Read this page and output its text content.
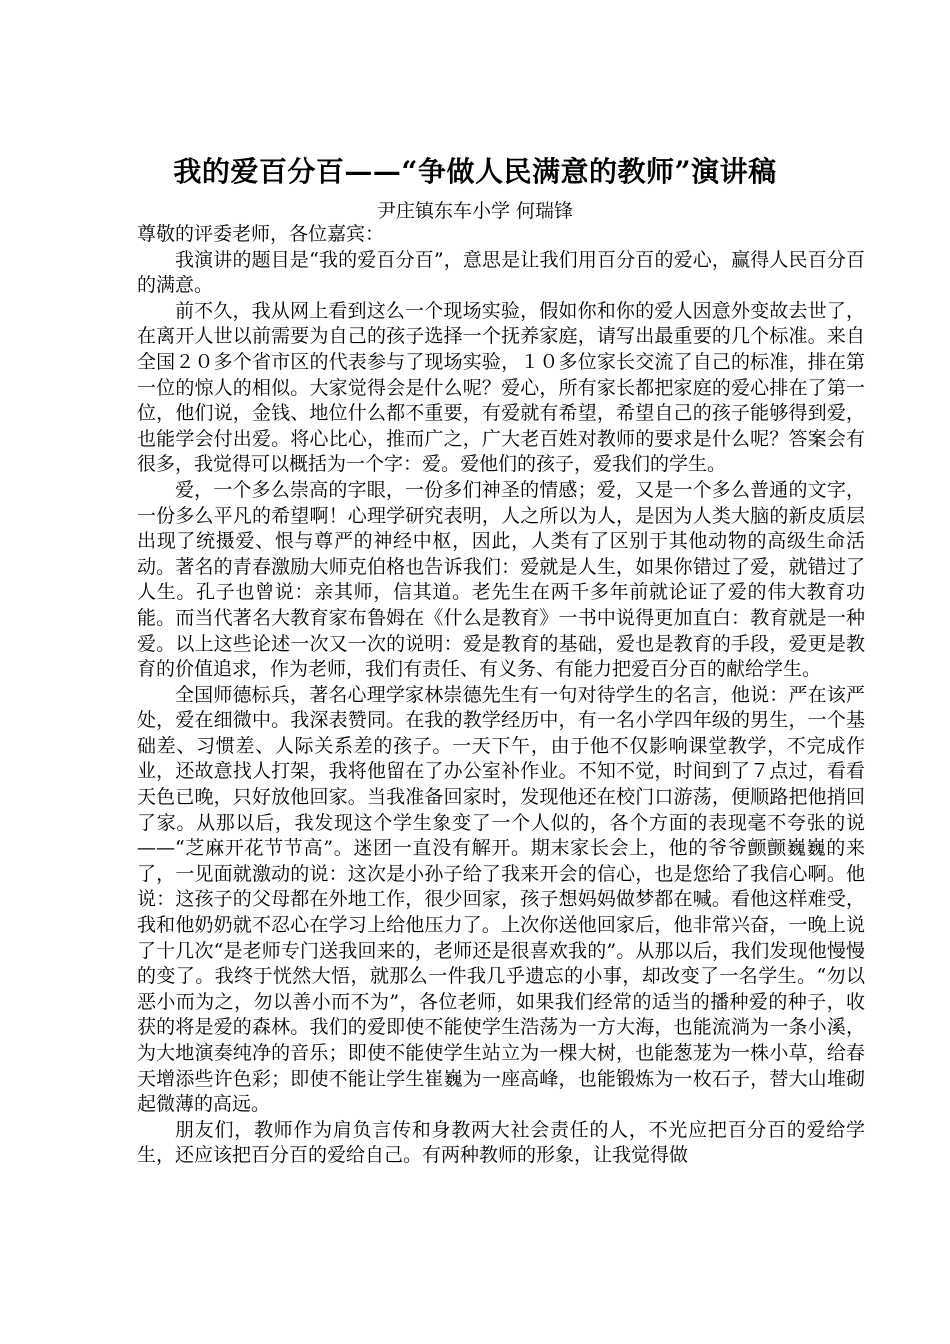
我的爱百分百——“争做人民满意的教师”演讲稿
尹庄镇东车小学 何瑞锋

尊敬的评委老师，各位嘉宾：

我演讲的题目是“我的爱百分百”，意思是让我们用百分百的爱心，赢得人民百分百的满意。

前不久，我从网上看到这么一个现场实验，假如你和你的爱人因意外变故去世了，在离开人世以前需要为自己的孩子选择一个抚养家庭，请写出最重要的几个标准。来自全国２０多个省市区的代表参与了现场实验，１０多位家长交流了自己的标准，排在第一位的惊人的相似。大家觉得会是什么呢？爱心，所有家长都把家庭的爱心排在了第一位，他们说，金钱、地位什么都不重要，有爱就有希望，希望自己的孩子能够得到爱，也能学会付出爱。将心比心，推而广之，广大老百姓对教师的要求是什么呢？答案会有很多，我觉得可以概括为一个字：爱。爱他们的孩子，爱我们的学生。

爱，一个多么崇高的字眼，一份多们神圣的情感；爱，又是一个多么普通的文字，一份多么平凡的希望啊！心理学研究表明，人之所以为人，是因为人类大脑的新皮质层出现了统摄爱、恨与尊严的神经中枢，因此，人类有了区别于其他动物的高级生命活动。著名的青春激励大师克伯格也告诉我们：爱就是人生，如果你错过了爱，就错过了人生。孔子也曾说：亲其师，信其道。老先生在两千多年前就论证了爱的伟大教育功能。而当代著名大教育家布鲁姆在《什么是教育》一书中说得更加直白：教育就是一种爱。以上这些论述一次又一次的说明：爱是教育的基础，爱也是教育的手段，爱更是教育的价值追求，作为老师，我们有责任、有义务、有能力把爱百分百的献给学生。

全国师德标兵，著名心理学家林崇德先生有一句对待学生的名言，他说：严在该严处，爱在细微中。我深表赞同。在我的教学经历中，有一名小学四年级的男生，一个基础差、习惯差、人际关系差的孩子。一天下午，由于他不仅影响课堂教学，不完成作业，还故意找人打架，我将他留在了办公室补作业。不知不觉，时间到了７点过，看看天色已晚，只好放他回家。当我准备回家时，发现他还在校门口游荡，便顺路把他捎回了家。从那以后，我发现这个学生象变了一个人似的，各个方面的表现毫不夸张的说——“芝麻开花节节高”。迷团一直没有解开。期末家长会上，他的爷爷颤颤巍巍的来了，一见面就激动的说：这次是小孙子给了我来开会的信心，也是您给了我信心啊。他说：这孩子的父母都在外地工作，很少回家，孩子想妈妈做梦都在喊。看他这样难受，我和他奶奶就不忍心在学习上给他压力了。上次你送他回家后，他非常兴奋，一晚上说了十几次“是老师专门送我回来的，老师还是很喜欢我的”。从那以后，我们发现他慢慢的变了。我终于恍然大悟，就那么一件我几乎遗忘的小事，却改变了一名学生。“勿以恶小而为之，勿以善小而不为”，各位老师，如果我们经常的适当的播种爱的种子，收获的将是爱的森林。我们的爱即使不能使学生浩荡为一方大海，也能流淌为一条小溪，为大地演奏纯净的音乐；即使不能使学生站立为一棵大树，也能葱茏为一株小草，给春天增添些许色彩；即使不能让学生崔巍为一座高峰，也能锻炼为一枚石子，替大山堆砌起微薄的高远。

朋友们，教师作为肩负言传和身教两大社会责任的人，不光应把百分百的爱给学生，还应该把百分百的爱给自己。有两种教师的形象，让我觉得做
